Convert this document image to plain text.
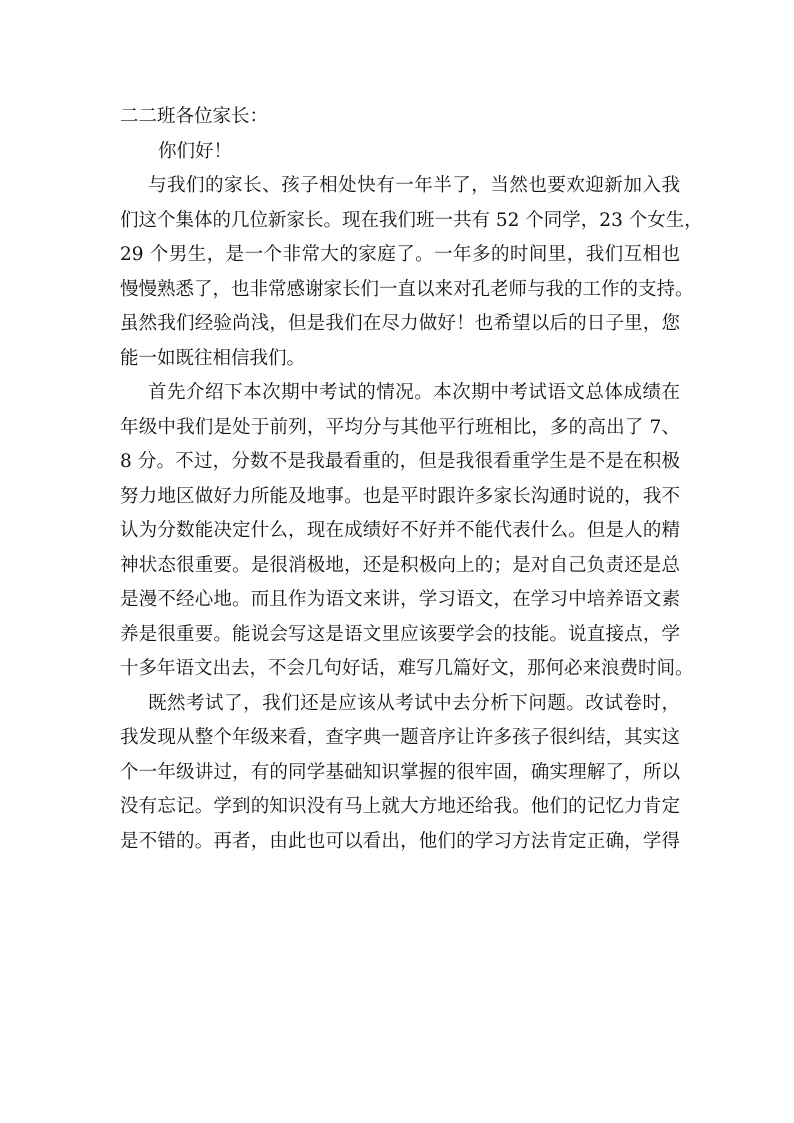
二二班各位家长：

你们好！

与我们的家长、孩子相处快有一年半了，当然也要欢迎新加入我
们这个集体的几位新家长。现在我们班一共有 52 个同学，23 个女生，
29 个男生，是一个非常大的家庭了。一年多的时间里，我们互相也
慢慢熟悉了，也非常感谢家长们一直以来对孔老师与我的工作的支持。
虽然我们经验尚浅，但是我们在尽力做好！也希望以后的日子里，您
能一如既往相信我们。

首先介绍下本次期中考试的情况。本次期中考试语文总体成绩在
年级中我们是处于前列，平均分与其他平行班相比，多的高出了 7、
8 分。不过，分数不是我最看重的，但是我很看重学生是不是在积极
努力地区做好力所能及地事。也是平时跟许多家长沟通时说的，我不
认为分数能决定什么，现在成绩好不好并不能代表什么。但是人的精
神状态很重要。是很消极地，还是积极向上的；是对自己负责还是总
是漫不经心地。而且作为语文来讲，学习语文，在学习中培养语文素
养是很重要。能说会写这是语文里应该要学会的技能。说直接点，学
十多年语文出去，不会几句好话，难写几篇好文，那何必来浪费时间。

既然考试了，我们还是应该从考试中去分析下问题。改试卷时，
我发现从整个年级来看，查字典一题音序让许多孩子很纠结，其实这
个一年级讲过，有的同学基础知识掌握的很牢固，确实理解了，所以
没有忘记。学到的知识没有马上就大方地还给我。他们的记忆力肯定
是不错的。再者，由此也可以看出，他们的学习方法肯定正确，学得
